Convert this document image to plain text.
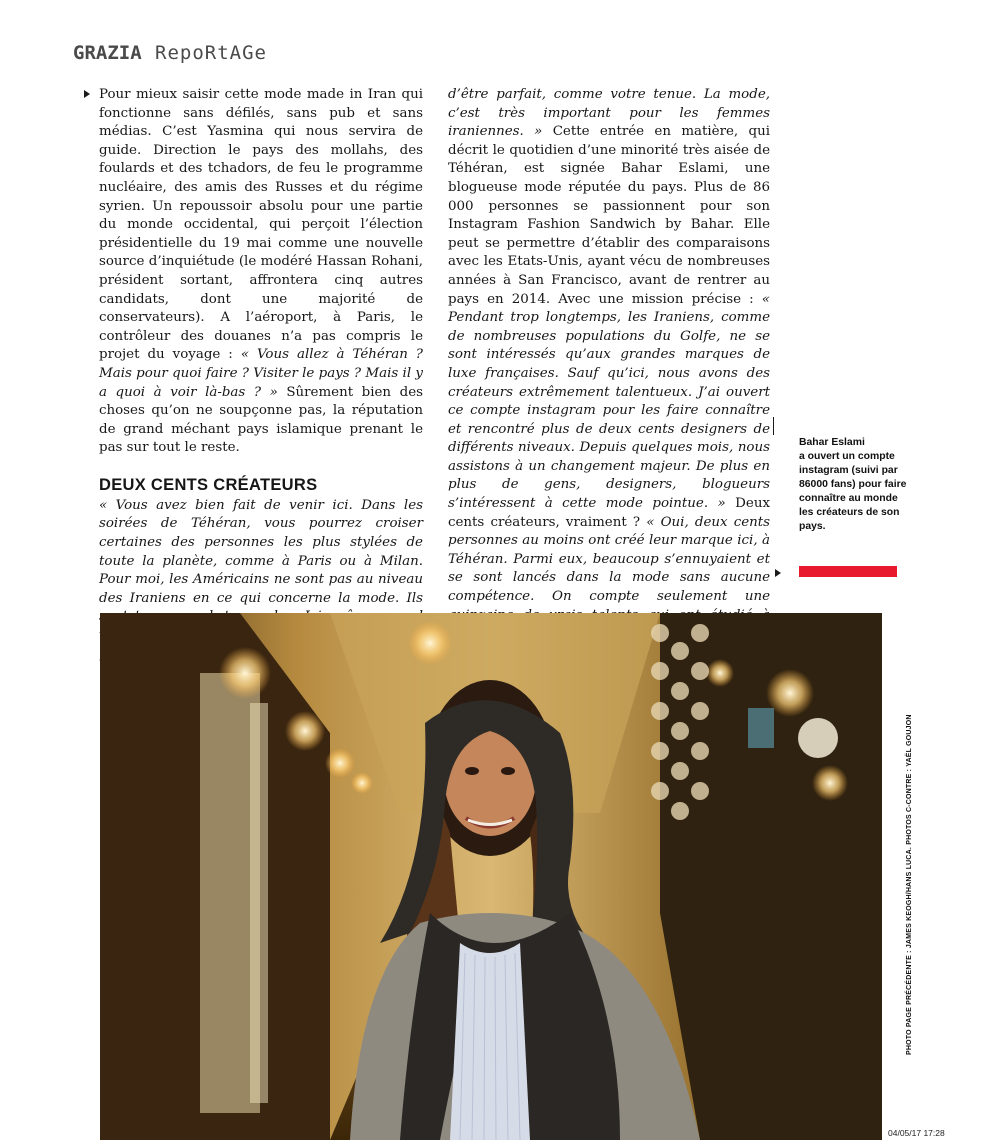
GRAZIA RepoRtAGe

Pour mieux saisir cette mode made in Iran qui fonctionne sans défilés, sans pub et sans médias. C’est Yasmina qui nous servira de guide. Direction le pays des mollahs, des foulards et des tchadors, de feu le programme nucléaire, des amis des Russes et du régime syrien. Un repoussoir absolu pour une partie du monde occidental, qui perçoit l’élection présidentielle du 19 mai comme une nouvelle source d’inquiétude (le modéré Hassan Rohani, président sortant, affrontera cinq autres candidats, dont une majorité de conservateurs). A l’aéroport, à Paris, le contrôleur des douanes n’a pas compris le projet du voyage : « Vous allez à Téhéran ? Mais pour quoi faire ? Visiter le pays ? Mais il y a quoi à voir là-bas ? » Sûrement bien des choses qu’on ne soupçonne pas, la réputation de grand méchant pays islamique prenant le pas sur tout le reste.

DEUX CENTS CRÉATEURS

« Vous avez bien fait de venir ici. Dans les soirées de Téhéran, vous pourrez croiser certaines des personnes les plus stylées de toute la planète, comme à Paris ou à Milan. Pour moi, les Américains ne sont pas au niveau des Iraniens en ce qui concerne la mode. Ils

d’être parfait, comme votre tenue. La mode, c’est très important pour les femmes iraniennes. » Cette entrée en matière, qui décrit le quotidien d’une minorité très aisée de Téhéran, est signée Bahar Eslami, une blogueuse mode réputée du pays. Plus de 86 000 personnes se passionnent pour son Instagram Fashion Sandwich by Bahar. Elle peut se permettre d’établir des comparaisons avec les Etats-Unis, ayant vécu de nombreuses années à San Francisco, avant de rentrer au pays en 2014. Avec une mission précise : « Pendant trop longtemps, les Iraniens, comme de nombreuses populations du Golfe, ne se sont intéressés qu’aux grandes marques de luxe françaises. Sauf qu’ici, nous avons des créateurs extrêmement talentueux. J’ai ouvert ce compte instagram pour les faire connaître et rencontré plus de deux cents designers de différents niveaux. Depuis quelques mois, nous assistons à un changement majeur. De plus en plus de gens, designers, blogueurs s’intéressent à cette mode pointue. » Deux cents créateurs, vraiment ? « Oui, deux cents personnes au moins ont créé leur marque ici, à Téhéran. Parmi eux, beaucoup s’ennuyaient et se sont lancés dans la mode sans aucune compétence. On compte seulement une

Bahar Eslami
a ouvert un compte instagram (suivi par 86000 fans) pour faire connaître au monde les créateurs de son pays.
PHOTO PAGE PRÉCÉDENTE : JAMES KEOGH/HANS LUCA. PHOTOS C-CONTRE : YAËL GOUJON
04/05/17 17:28
